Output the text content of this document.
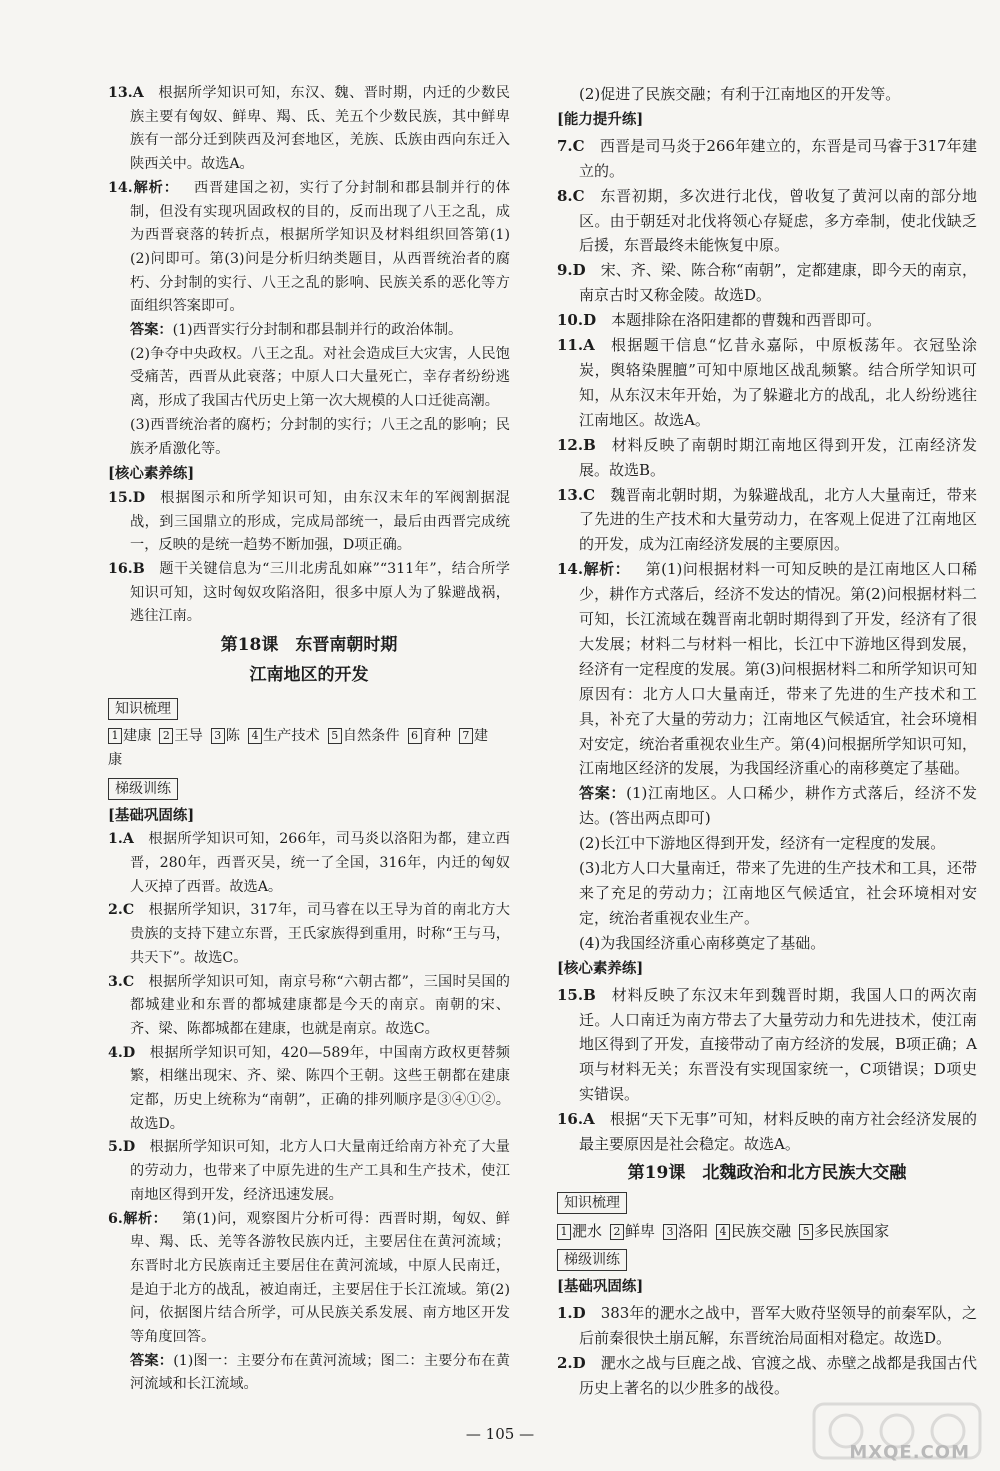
13.A  根据所学知识可知，东汉、魏、晋时期，内迁的少数民族主要有匈奴、鲜卑、羯、氐、羌五个少数民族，其中鲜卑族有一部分迁到陕西及河套地区，羌族、氐族由西向东迁入陕西关中。故选A。

14.解析：  西晋建国之初，实行了分封制和郡县制并行的体制，但没有实现巩固政权的目的，反而出现了八王之乱，成为西晋衰落的转折点，根据所学知识及材料组织回答第(1)(2)问即可。第(3)问是分析归纳类题目，从西晋统治者的腐朽、分封制的实行、八王之乱的影响、民族关系的恶化等方面组织答案即可。

答案：(1)西晋实行分封制和郡县制并行的政治体制。

(2)争夺中央政权。八王之乱。对社会造成巨大灾害，人民饱受痛苦，西晋从此衰落；中原人口大量死亡，幸存者纷纷逃离，形成了我国古代历史上第一次大规模的人口迁徙高潮。

(3)西晋统治者的腐朽；分封制的实行；八王之乱的影响；民族矛盾激化等。

[核心素养练]

15.D  根据图示和所学知识可知，由东汉末年的军阀割据混战，到三国鼎立的形成，完成局部统一，最后由西晋完成统一，反映的是统一趋势不断加强，D项正确。

16.B  题干关键信息为“三川北虏乱如麻”“311年”，结合所学知识可知，这时匈奴攻陷洛阳，很多中原人为了躲避战祸，逃往江南。

第18课　东晋南朝时期
江南地区的开发
知识梳理
1 建康 2 王导 3 陈 4 生产技术 5 自然条件 6 育种 7 建康
梯级训练
[基础巩固练]

1.A  根据所学知识可知，266年，司马炎以洛阳为都，建立西晋，280年，西晋灭吴，统一了全国，316年，内迁的匈奴人灭掉了西晋。故选A。

2.C  根据所学知识，317年，司马睿在以王导为首的南北方大贵族的支持下建立东晋，王氏家族得到重用，时称“王与马，共天下”。故选C。

3.C  根据所学知识可知，南京号称“六朝古都”，三国时吴国的都城建业和东晋的都城建康都是今天的南京。南朝的宋、齐、梁、陈都城都在建康，也就是南京。故选C。

4.D  根据所学知识可知，420—589年，中国南方政权更替频繁，相继出现宋、齐、梁、陈四个王朝。这些王朝都在建康定都，历史上统称为“南朝”，正确的排列顺序是③④①②。故选D。

5.D  根据所学知识可知，北方人口大量南迁给南方补充了大量的劳动力，也带来了中原先进的生产工具和生产技术，使江南地区得到开发，经济迅速发展。

6.解析：  第(1)问，观察图片分析可得：西晋时期，匈奴、鲜卑、羯、氐、羌等各游牧民族内迁，主要居住在黄河流域；东晋时北方民族南迁主要居住在黄河流域，中原人民南迁，是迫于北方的战乱，被迫南迁，主要居住于长江流域。第(2)问，依据图片结合所学，可从民族关系发展、南方地区开发等角度回答。

答案：(1)图一：主要分布在黄河流域；图二：主要分布在黄河流域和长江流域。

(2)促进了民族交融；有利于江南地区的开发等。

[能力提升练]

7.C  西晋是司马炎于266年建立的，东晋是司马睿于317年建立的。

8.C  东晋初期，多次进行北伐，曾收复了黄河以南的部分地区。由于朝廷对北伐将领心存疑虑，多方牵制，使北伐缺乏后援，东晋最终未能恢复中原。

9.D  宋、齐、梁、陈合称“南朝”，定都建康，即今天的南京，南京古时又称金陵。故选D。

10.D  本题排除在洛阳建都的曹魏和西晋即可。

11.A  根据题干信息“忆昔永嘉际，中原板荡年。衣冠坠涂炭，舆辂染腥膻”可知中原地区战乱频繁。结合所学知识可知，从东汉末年开始，为了躲避北方的战乱，北人纷纷逃往江南地区。故选A。

12.B  材料反映了南朝时期江南地区得到开发，江南经济发展。故选B。

13.C  魏晋南北朝时期，为躲避战乱，北方人大量南迁，带来了先进的生产技术和大量劳动力，在客观上促进了江南地区的开发，成为江南经济发展的主要原因。

14.解析：  第(1)问根据材料一可知反映的是江南地区人口稀少，耕作方式落后，经济不发达的情况。第(2)问根据材料二可知，长江流域在魏晋南北朝时期得到了开发，经济有了很大发展；材料二与材料一相比，长江中下游地区得到发展，经济有一定程度的发展。第(3)问根据材料二和所学知识可知原因有：北方人口大量南迁，带来了先进的生产技术和工具，补充了大量的劳动力；江南地区气候适宜，社会环境相对安定，统治者重视农业生产。第(4)问根据所学知识可知，江南地区经济的发展，为我国经济重心的南移奠定了基础。

答案：(1)江南地区。人口稀少，耕作方式落后，经济不发达。(答出两点即可)

(2)长江中下游地区得到开发，经济有一定程度的发展。

(3)北方人口大量南迁，带来了先进的生产技术和工具，还带来了充足的劳动力；江南地区气候适宜，社会环境相对安定，统治者重视农业生产。

(4)为我国经济重心南移奠定了基础。

[核心素养练]

15.B  材料反映了东汉末年到魏晋时期，我国人口的两次南迁。人口南迁为南方带去了大量劳动力和先进技术，使江南地区得到了开发，直接带动了南方经济的发展，B项正确；A项与材料无关；东晋没有实现国家统一，C项错误；D项史实错误。

16.A  根据“天下无事”可知，材料反映的南方社会经济发展的最主要原因是社会稳定。故选A。

第19课　北魏政治和北方民族大交融
知识梳理
1 淝水 2 鲜卑 3 洛阳 4 民族交融 5 多民族国家
梯级训练
[基础巩固练]

1.D  383年的淝水之战中，晋军大败苻坚领导的前秦军队，之后前秦很快土崩瓦解，东晋统治局面相对稳定。故选D。

2.D  淝水之战与巨鹿之战、官渡之战、赤壁之战都是我国古代历史上著名的以少胜多的战役。

— 105 —
MXQE.COM
